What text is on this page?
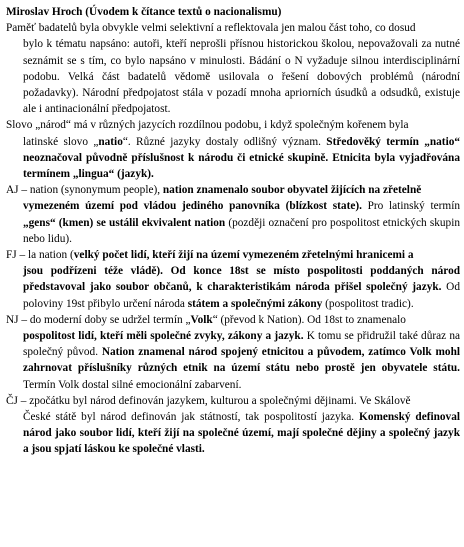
Miroslav Hroch (Úvodem k čítance textů o nacionalismu)

Paměť badatelů byla obvykle velmi selektivní a reflektovala jen malou část toho, co dosud

bylo k tématu napsáno: autoři, kteří neprošli přísnou historickou školou, nepovažovali za nutné seznámit se s tím, co bylo napsáno v minulosti. Bádání o N vyžaduje silnou interdisciplinární podobu. Velká část badatelů vědomě usilovala o řešení dobových problémů (národní požadavky). Národní předpojatost stála v pozadí mnoha apriorních úsudků a odsudků, existuje ale i antinacionální předpojatost.

Slovo „národ“ má v různých jazycích rozdílnou podobu, i když společným kořenem byla

latinské slovo „natio“. Různé jazyky dostaly odlišný význam. Středověký termín „natio“ neoznačoval původně příslušnost k národu či etnické skupině. Etnicita byla vyjadřována termínem „lingua“ (jazyk).

AJ – nation (synonymum people), nation znamenalo soubor obyvatel žijících na zřetelně

vymezeném území pod vládou jediného panovníka (blízkost state). Pro latinský termín „gens“ (kmen) se ustálil ekvivalent nation (později označení pro pospolitost etnických skupin nebo lidu).

FJ – la nation (velký počet lidí, kteří žijí na území vymezeném zřetelnými hranicemi a

jsou podřízeni téže vládě). Od konce 18st se místo pospolitosti poddaných národ představoval jako soubor občanů, k charakteristikám národa přišel společný jazyk. Od poloviny 19st přibylo určení národa státem a společnými zákony (pospolitost tradic).

NJ – do moderní doby se udržel termín „Volk“ (převod k Nation). Od 18st to znamenalo

pospolitost lidí, kteří měli společné zvyky, zákony a jazyk. K tomu se přidružil také důraz na společný původ. Nation znamenal národ spojený etnicitou a původem, zatímco Volk mohl zahrnovat příslušníky různých etnik na území státu nebo prostě jen obyvatele státu. Termín Volk dostal silné emocionální zabarvení.

ČJ – zpočátku byl národ definován jazykem, kulturou a společnými dějinami. Ve Skálově

České státě byl národ definován jak státností, tak pospolitostí jazyka. Komenský definoval národ jako soubor lidí, kteří žijí na společné území, mají společné dějiny a společný jazyk a jsou spjatí láskou ke společné vlasti.
